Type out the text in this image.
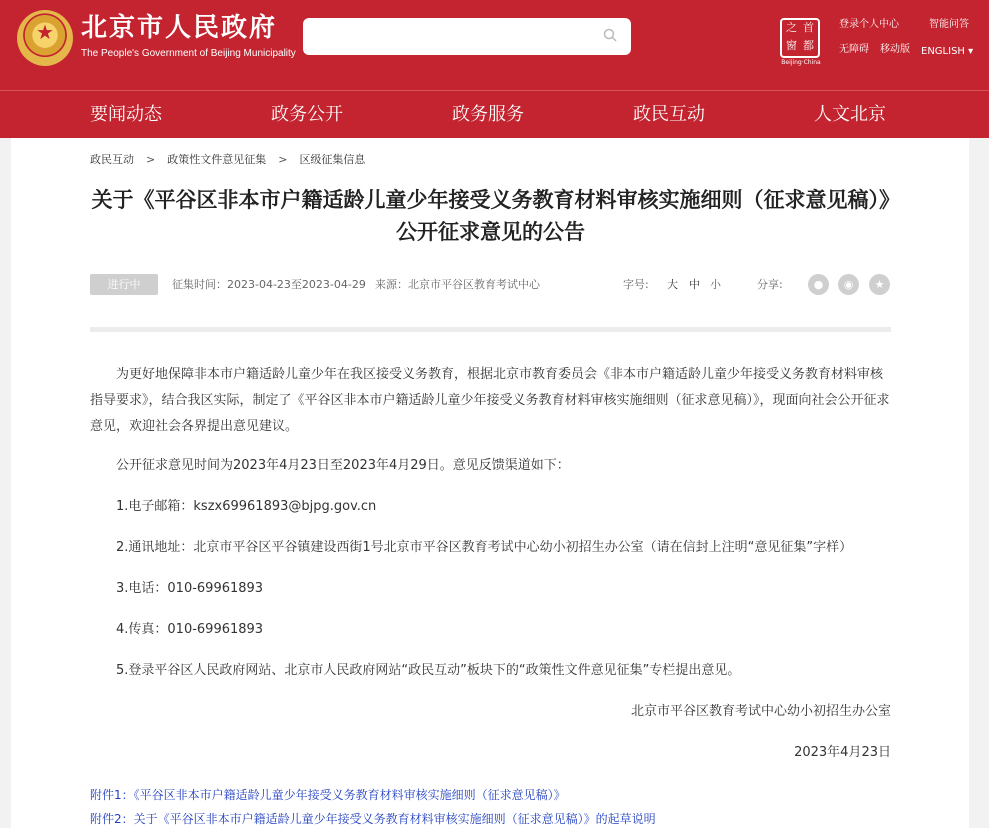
★	北京市人民政府
The People's Government of Beijing Municipality
首
都
之
窗
Beijing·China
登录个人中心	智能问答
无障碍 移动版 ENGLISH ▾
要闻动态	政务公开	政务服务	政民互动	人文北京
政民互动 > 政策性文件意见征集 > 区级征集信息
关于《平谷区非本市户籍适龄儿童少年接受义务教育材料审核实施细则（征求意见稿）》公开征求意见的公告
进行中	征集时间：2023-04-23至2023-04-29 来源：北京市平谷区教育考试中心	字号: 大 中 小	分享:	●	◉	★
为更好地保障非本市户籍适龄儿童少年在我区接受义务教育，根据北京市教育委员会《非本市户籍适龄儿童少年接受义务教育材料审核指导要求》，结合我区实际，制定了《平谷区非本市户籍适龄儿童少年接受义务教育材料审核实施细则（征求意见稿）》，现面向社会公开征求意见，欢迎社会各界提出意见建议。
公开征求意见时间为2023年4月23日至2023年4月29日。意见反馈渠道如下：
1.电子邮箱：kszx69961893@bjpg.gov.cn
2.通讯地址：北京市平谷区平谷镇建设西街1号北京市平谷区教育考试中心幼小初招生办公室（请在信封上注明“意见征集”字样）
3.电话：010-69961893
4.传真：010-69961893
5.登录平谷区人民政府网站、北京市人民政府网站“政民互动”板块下的“政策性文件意见征集”专栏提出意见。
北京市平谷区教育考试中心幼小初招生办公室
2023年4月23日
附件1：《平谷区非本市户籍适龄儿童少年接受义务教育材料审核实施细则（征求意见稿）》
附件2：关于《平谷区非本市户籍适龄儿童少年接受义务教育材料审核实施细则（征求意见稿）》的起草说明
